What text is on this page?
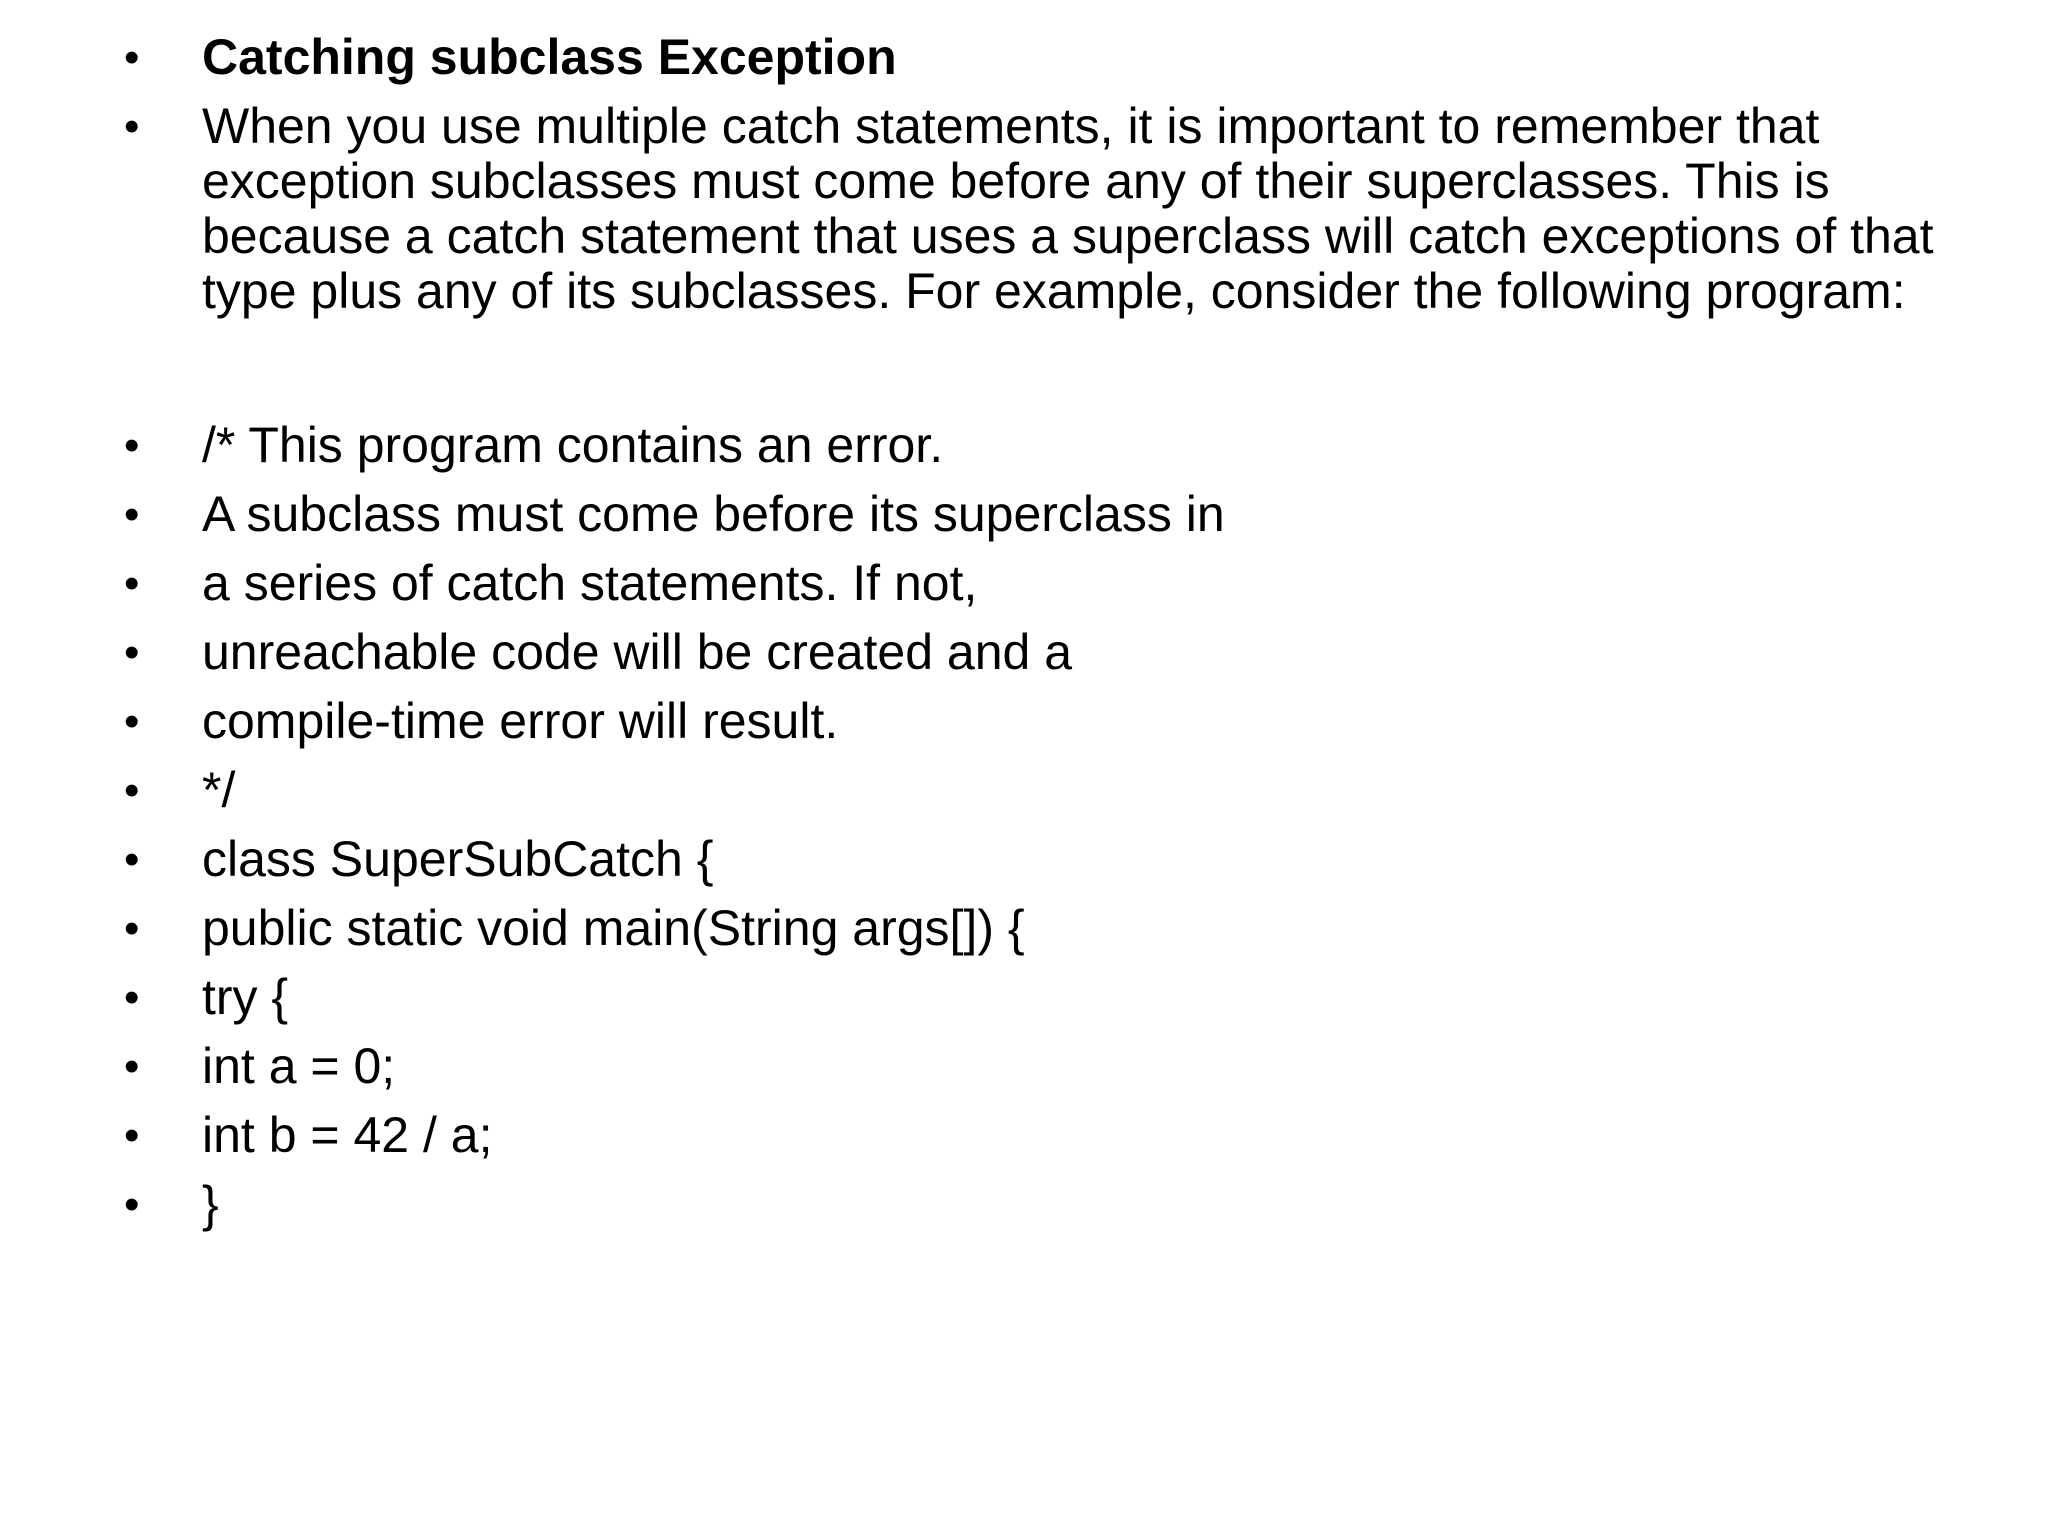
• Catching subclass Exception
• When you use multiple catch statements, it is important to remember that exception subclasses must come before any of their superclasses. This is because a catch statement that uses a superclass will catch exceptions of that type plus any of its subclasses. For example, consider the following program:
• /* This program contains an error.
• A subclass must come before its superclass in
• a series of catch statements. If not,
• unreachable code will be created and a
• compile-time error will result.
• */
• class SuperSubCatch {
• public static void main(String args[]) {
• try {
• int a = 0;
• int b = 42 / a;
• }
